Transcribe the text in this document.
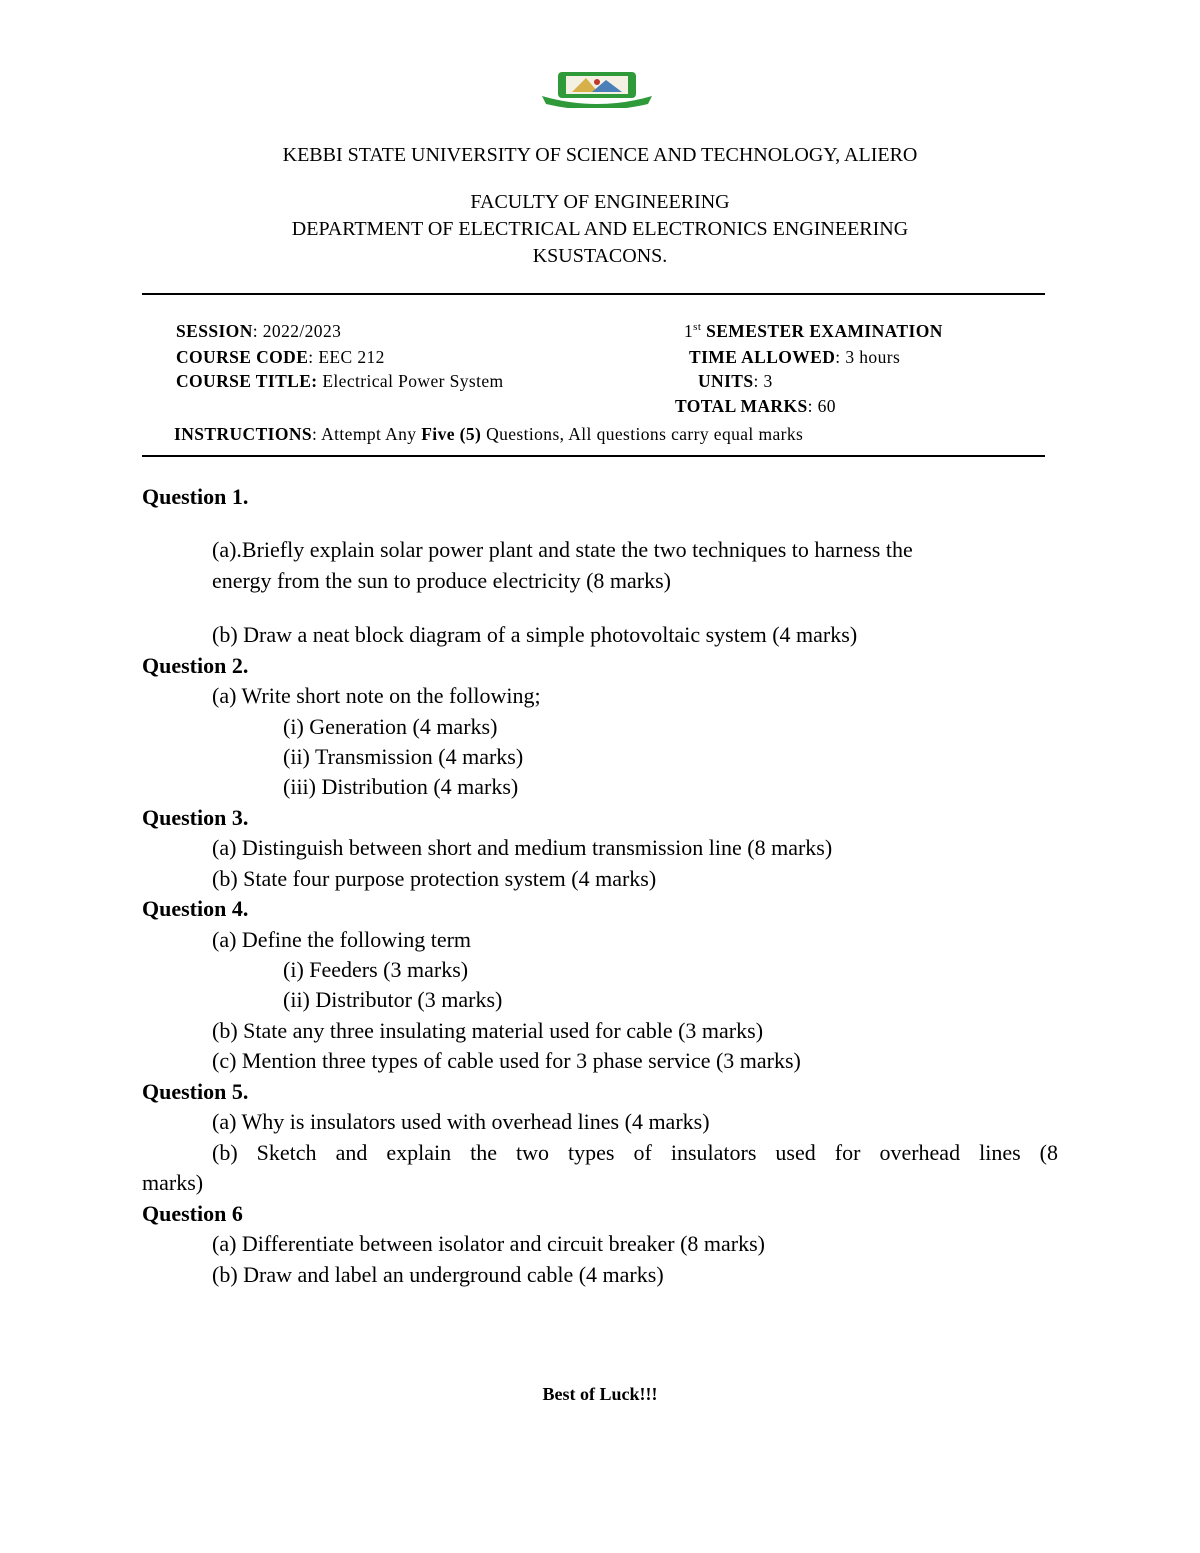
KEBBI STATE UNIVERSITY OF SCIENCE AND TECHNOLOGY, ALIERO
FACULTY OF ENGINEERING
DEPARTMENT OF ELECTRICAL AND ELECTRONICS ENGINEERING
KSUSTACONS.
SESSION: 2022/2023	1st SEMESTER EXAMINATION
COURSE CODE: EEC 212	TIME ALLOWED: 3 hours
COURSE TITLE: Electrical Power System	UNITS: 3
TOTAL MARKS: 60
INSTRUCTIONS: Attempt Any Five (5) Questions, All questions carry equal marks
Question 1.
(a).Briefly explain solar power plant and state the two techniques to harness the
energy from the sun to produce electricity (8 marks)
(b) Draw a neat block diagram of a simple photovoltaic system (4 marks)
Question 2.
(a) Write short note on the following;
(i) Generation (4 marks)
(ii) Transmission (4 marks)
(iii) Distribution (4 marks)
Question 3.
(a) Distinguish between short and medium transmission line (8 marks)
(b) State four purpose protection system (4 marks)
Question 4.
(a) Define the following term
(i) Feeders (3 marks)
(ii) Distributor (3 marks)
(b) State any three insulating material used for cable (3 marks)
(c) Mention three types of cable used for 3 phase service (3 marks)
Question 5.
(a) Why is insulators used with overhead lines (4 marks)
(b) Sketch and explain the two types of insulators used for overhead lines (8
marks)
Question 6
(a) Differentiate between isolator and circuit breaker (8 marks)
(b) Draw and label an underground cable (4 marks)
Best of Luck!!!
